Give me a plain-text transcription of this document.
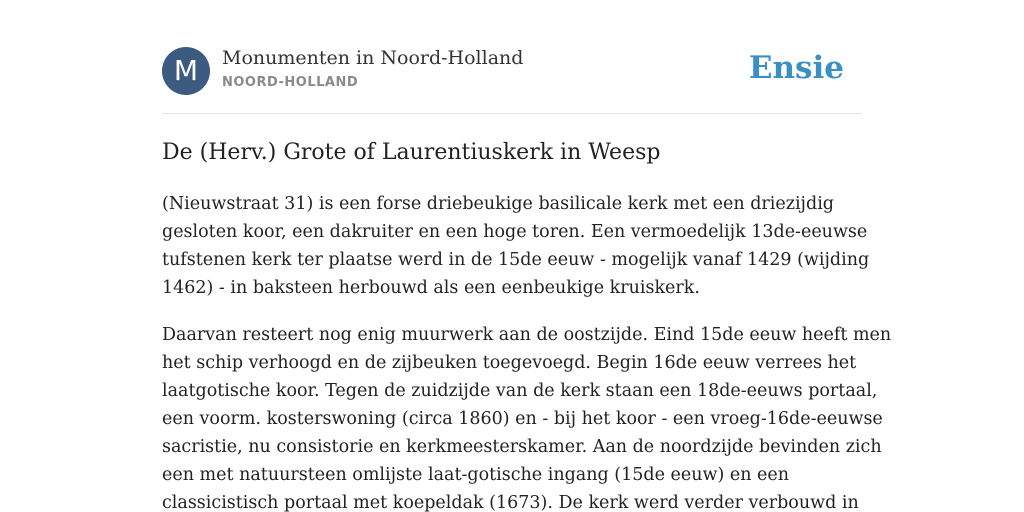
M	Monumenten in Noord-Holland
NOORD-HOLLAND	Ensie
De (Herv.) Grote of Laurentiuskerk in Weesp

(Nieuwstraat 31) is een forse driebeukige basilicale kerk met een driezijdig
gesloten koor, een dakruiter en een hoge toren. Een vermoedelijk 13de-eeuwse
tufstenen kerk ter plaatse werd in de 15de eeuw - mogelijk vanaf 1429 (wijding
1462) - in baksteen herbouwd als een eenbeukige kruiskerk.

Daarvan resteert nog enig muurwerk aan de oostzijde. Eind 15de eeuw heeft men
het schip verhoogd en de zijbeuken toegevoegd. Begin 16de eeuw verrees het
laatgotische koor. Tegen de zuidzijde van de kerk staan een 18de-eeuws portaal,
een voorm. kosterswoning (circa 1860) en - bij het koor - een vroeg-16de-eeuwse
sacristie, nu consistorie en kerkmeesterskamer. Aan de noordzijde bevinden zich
een met natuursteen omlijste laat-gotische ingang (15de eeuw) en een
classicistisch portaal met koepeldak (1673). De kerk werd verder verbouwd in
